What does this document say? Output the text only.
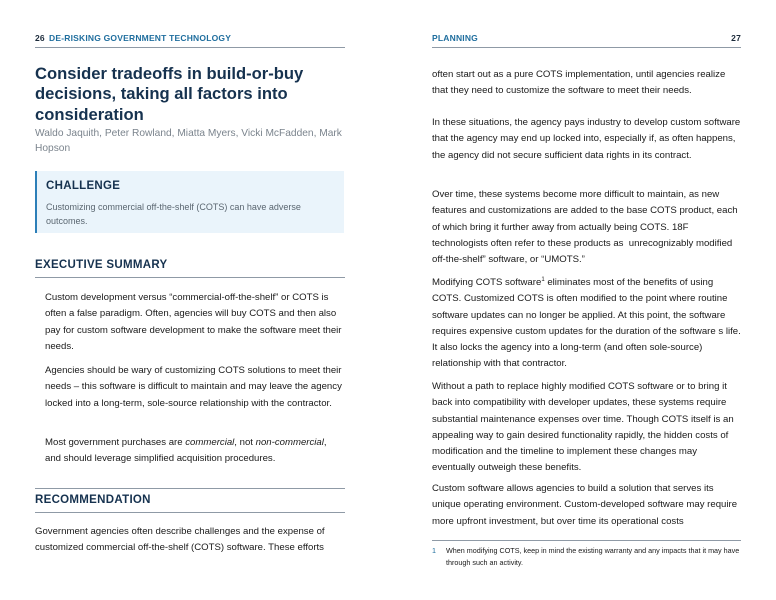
26 DE-RISKING GOVERNMENT TECHNOLOGY
Consider tradeoffs in build-or-buy decisions, taking all factors into consideration

Waldo Jaquith, Peter Rowland, Miatta Myers, Vicki McFadden, Mark Hopson

CHALLENGE

Customizing commercial off-the-shelf (COTS) can have adverse outcomes.

EXECUTIVE SUMMARY

Custom development versus “commercial-off-the-shelf” or COTS is often a false paradigm. Often, agencies will buy COTS and then also pay for custom software development to make the software meet their needs.

Agencies should be wary of customizing COTS solutions to meet their needs – this software is difficult to maintain and may leave the agency locked into a long-term, sole-source relationship with the contractor.

Most government purchases are commercial, not non-commercial, and should leverage simplified acquisition procedures.

RECOMMENDATION

Government agencies often describe challenges and the expense of customized commercial off-the-shelf (COTS) software. These efforts

PLANNING	27

often start out as a pure COTS implementation, until agencies realize that they need to customize the software to meet their needs.

In these situations, the agency pays industry to develop custom software that the agency may end up locked into, especially if, as often happens, the agency did not secure sufficient data rights in its contract.

Over time, these systems become more difficult to maintain, as new features and customizations are added to the base COTS product, each of which bring it further away from actually being COTS. 18F technologists often refer to these products as  unrecognizably modified off-the-shelf” software, or “UMOTS.”

Modifying COTS software$^1$ eliminates most of the benefits of using COTS. Customized COTS is often modified to the point where routine software updates can no longer be applied. At this point, the software requires expensive custom updates for the duration of the software s life. It also locks the agency into a long-term (and often sole-source) relationship with that contractor.

Without a path to replace highly modified COTS software or to bring it back into compatibility with developer updates, these systems require substantial maintenance expenses over time. Though COTS itself is an appealing way to gain desired functionality rapidly, the hidden costs of modification and the timeline to implement these changes may eventually outweigh these benefits.

Custom software allows agencies to build a solution that serves its unique operating environment. Custom-developed software may require more upfront investment, but over time its operational costs

1	When modifying COTS, keep in mind the existing warranty and any impacts that it may have through such an activity.
